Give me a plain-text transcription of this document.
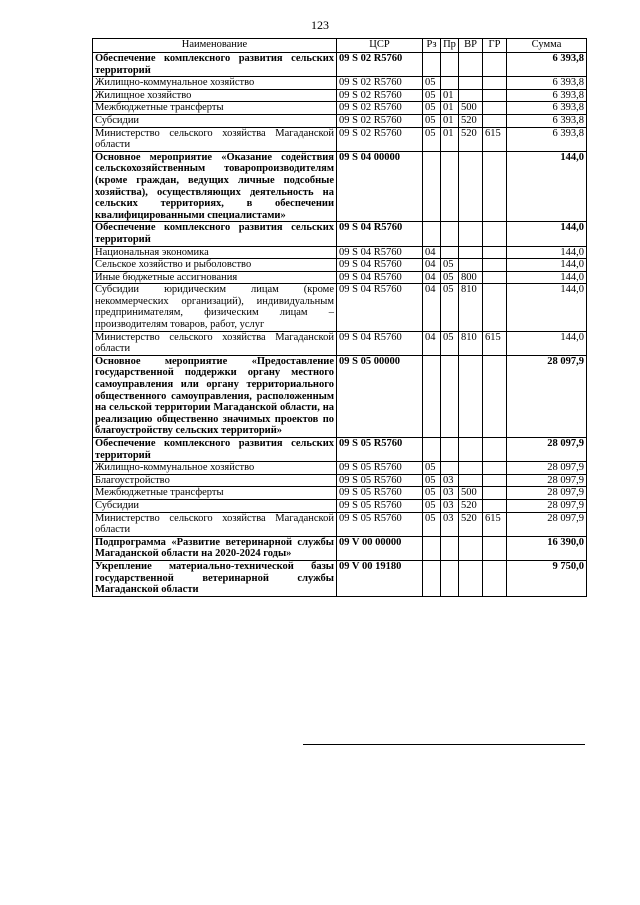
123
Наименование	ЦСР	Рз	Пр	ВР	ГР	Сумма
Обеспечение комплексного развития сельских территорий	09 S 02 R5760					6 393,8
Жилищно-коммунальное хозяйство	09 S 02 R5760	05				6 393,8
Жилищное хозяйство	09 S 02 R5760	05	01			6 393,8
Межбюджетные трансферты	09 S 02 R5760	05	01	500		6 393,8
Субсидии	09 S 02 R5760	05	01	520		6 393,8
Министерство сельского хозяйства Магаданской области	09 S 02 R5760	05	01	520	615	6 393,8
Основное мероприятие «Оказание содействия сельскохозяйственным товаропроизводителям (кроме граждан, ведущих личные подсобные хозяйства), осуществляющих деятельность на сельских территориях, в обеспечении квалифицированными специалистами»	09 S 04 00000					144,0
Обеспечение комплексного развития сельских территорий	09 S 04 R5760					144,0
Национальная экономика	09 S 04 R5760	04				144,0
Сельское хозяйство и рыболовство	09 S 04 R5760	04	05			144,0
Иные бюджетные ассигнования	09 S 04 R5760	04	05	800		144,0
Субсидии юридическим лицам (кроме некоммерческих организаций), индивидуальным предпринимателям, физическим лицам – производителям товаров, работ, услуг	09 S 04 R5760	04	05	810		144,0
Министерство сельского хозяйства Магаданской области	09 S 04 R5760	04	05	810	615	144,0
Основное мероприятие «Предоставление государственной поддержки органу местного самоуправления или органу территориального общественного самоуправления, расположенным на сельской территории Магаданской области, на реализацию общественно значимых проектов по благоустройству сельских территорий»	09 S 05 00000					28 097,9
Обеспечение комплексного развития сельских территорий	09 S 05 R5760					28 097,9
Жилищно-коммунальное хозяйство	09 S 05 R5760	05				28 097,9
Благоустройство	09 S 05 R5760	05	03			28 097,9
Межбюджетные трансферты	09 S 05 R5760	05	03	500		28 097,9
Субсидии	09 S 05 R5760	05	03	520		28 097,9
Министерство сельского хозяйства Магаданской области	09 S 05 R5760	05	03	520	615	28 097,9
Подпрограмма «Развитие ветеринарной службы Магаданской области на 2020-2024 годы»	09 V 00 00000					16 390,0
Укрепление материально-технической базы государственной ветеринарной службы Магаданской области	09 V 00 19180					9 750,0
